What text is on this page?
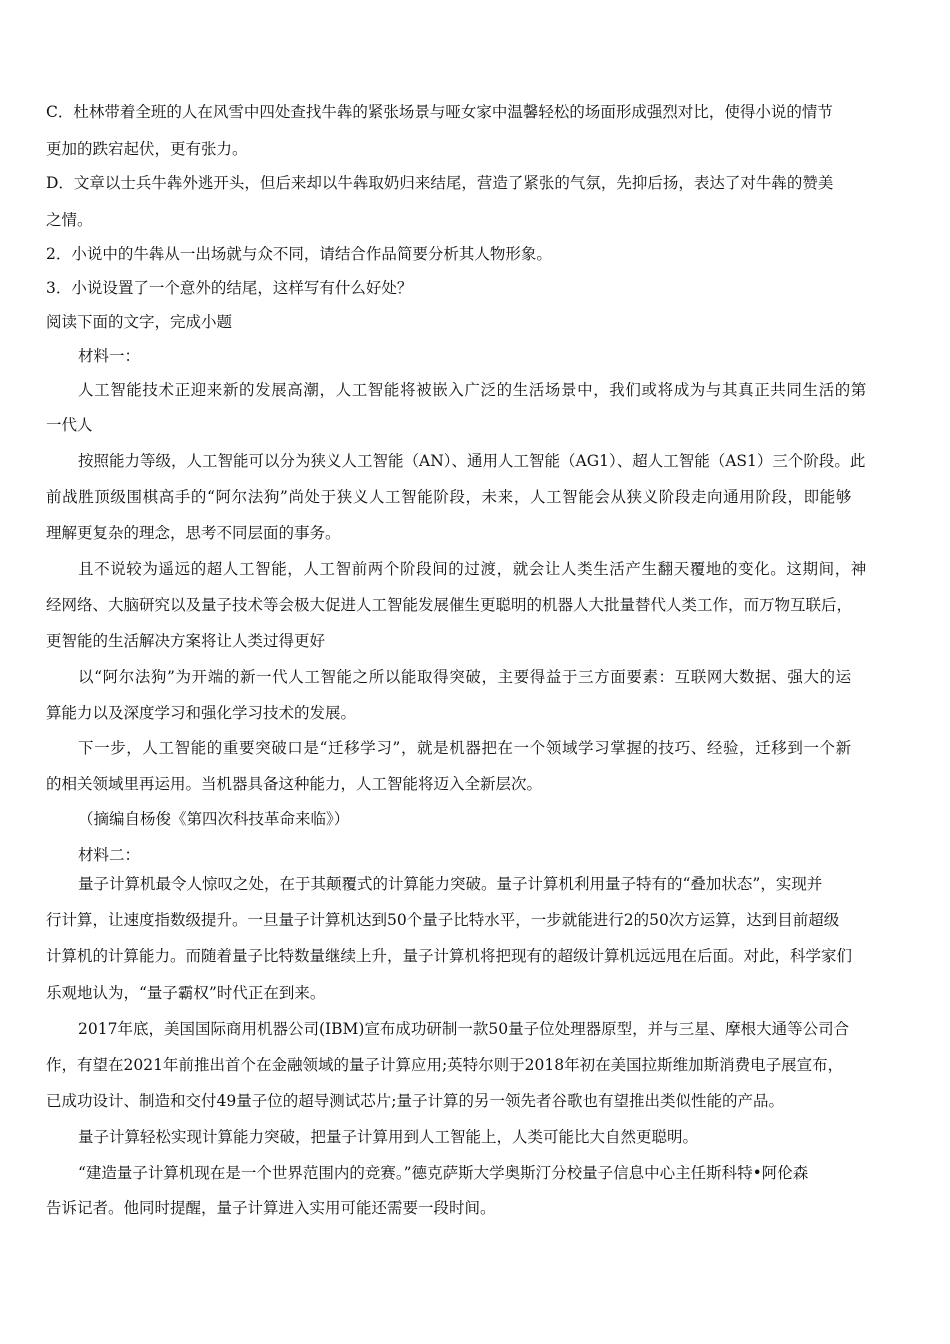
C．杜林带着全班的人在风雪中四处查找牛犇的紧张场景与哑女家中温馨轻松的场面形成强烈对比，使得小说的情节
更加的跌宕起伏，更有张力。
D．文章以士兵牛犇外逃开头，但后来却以牛犇取奶归来结尾，营造了紧张的气氛，先抑后扬，表达了对牛犇的赞美
之情。
2．小说中的牛犇从一出场就与众不同，请结合作品简要分析其人物形象。
3．小说设置了一个意外的结尾，这样写有什么好处？
阅读下面的文字，完成小题
材料一：
人工智能技术正迎来新的发展高潮，人工智能将被嵌入广泛的生活场景中，我们或将成为与其真正共同生活的第
一代人
按照能力等级，人工智能可以分为狭义人工智能（AN）、通用人工智能（AG1）、超人工智能（AS1）三个阶段。此
前战胜顶级围棋高手的“阿尔法狗”尚处于狭义人工智能阶段，未来，人工智能会从狭义阶段走向通用阶段，即能够
理解更复杂的理念，思考不同层面的事务。
且不说较为遥远的超人工智能，人工智前两个阶段间的过渡，就会让人类生活产生翻天覆地的变化。这期间，神
经网络、大脑研究以及量子技术等会极大促进人工智能发展催生更聪明的机器人大批量替代人类工作，而万物互联后，
更智能的生活解决方案将让人类过得更好
以“阿尔法狗”为开端的新一代人工智能之所以能取得突破，主要得益于三方面要素：互联网大数据、强大的运
算能力以及深度学习和强化学习技术的发展。
下一步，人工智能的重要突破口是“迁移学习”，就是机器把在一个领域学习掌握的技巧、经验，迁移到一个新
的相关领域里再运用。当机器具备这种能力，人工智能将迈入全新层次。
（摘编自杨俊《第四次科技革命来临》）
材料二：
量子计算机最令人惊叹之处，在于其颠覆式的计算能力突破。量子计算机利用量子特有的“叠加状态”，实现并
行计算，让速度指数级提升。一旦量子计算机达到50个量子比特水平，一步就能进行2的50次方运算，达到目前超级
计算机的计算能力。而随着量子比特数量继续上升，量子计算机将把现有的超级计算机远远甩在后面。对此，科学家们
乐观地认为，“量子霸权”时代正在到来。
2017年底，美国国际商用机器公司(IBM)宣布成功研制一款50量子位处理器原型，并与三星、摩根大通等公司合
作，有望在2021年前推出首个在金融领域的量子计算应用;英特尔则于2018年初在美国拉斯维加斯消费电子展宣布，
已成功设计、制造和交付49量子位的超导测试芯片;量子计算的另一领先者谷歌也有望推出类似性能的产品。
量子计算轻松实现计算能力突破，把量子计算用到人工智能上，人类可能比大自然更聪明。
“建造量子计算机现在是一个世界范围内的竞赛。”德克萨斯大学奥斯汀分校量子信息中心主任斯科特•阿伦森
告诉记者。他同时提醒，量子计算进入实用可能还需要一段时间。
